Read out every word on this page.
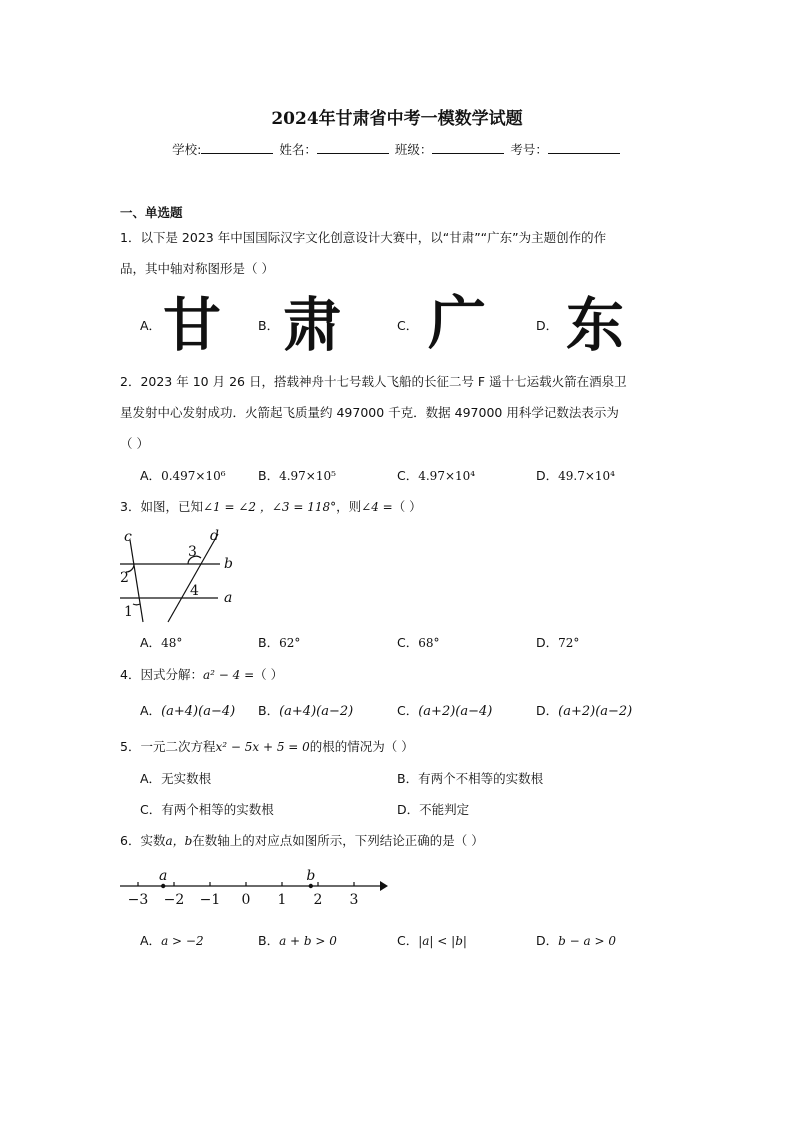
2024年甘肃省中考一模数学试题
学校:	姓名：	班级：	考号：
一、单选题
1．以下是 2023 年中国国际汉字文化创意设计大赛中，以“甘肃”“广东”为主题创作的作
品，其中轴对称图形是（ ）
A． 甘	B． 肃	C． 广	D． 东
2．2023 年 10 月 26 日，搭载神舟十七号载人飞船的长征二号 F 遥十七运载火箭在酒泉卫
星发射中心发射成功．火箭起飞质量约 497000 千克．数据 497000 用科学记数法表示为
（ ）
A．0.497×10⁶	B．4.97×10⁵	C．4.97×10⁴	D．49.7×10⁴
3．如图，已知∠1 = ∠2 ，∠3 = 118°，则∠4 =（ ）
c	d
b
a
3
2
4
1
A．48°	B．62°	C．68°	D．72°
4．因式分解：a² − 4 =（ ）
A．(a+4)(a−4) B．(a+4)(a−2)	C．(a+2)(a−4)	D．(a+2)(a−2)
5．一元二次方程x² − 5x + 5 = 0的根的情况为（ ）
A．无实数根	B．有两个不相等的实数根
C．有两个相等的实数根	D．不能判定
6．实数a，b在数轴上的对应点如图所示，下列结论正确的是（ ）
−3 −2 −1 0 1 2 3
a	b
A．a > −2	B．a + b > 0	C．|a| < |b|	D．b − a > 0
